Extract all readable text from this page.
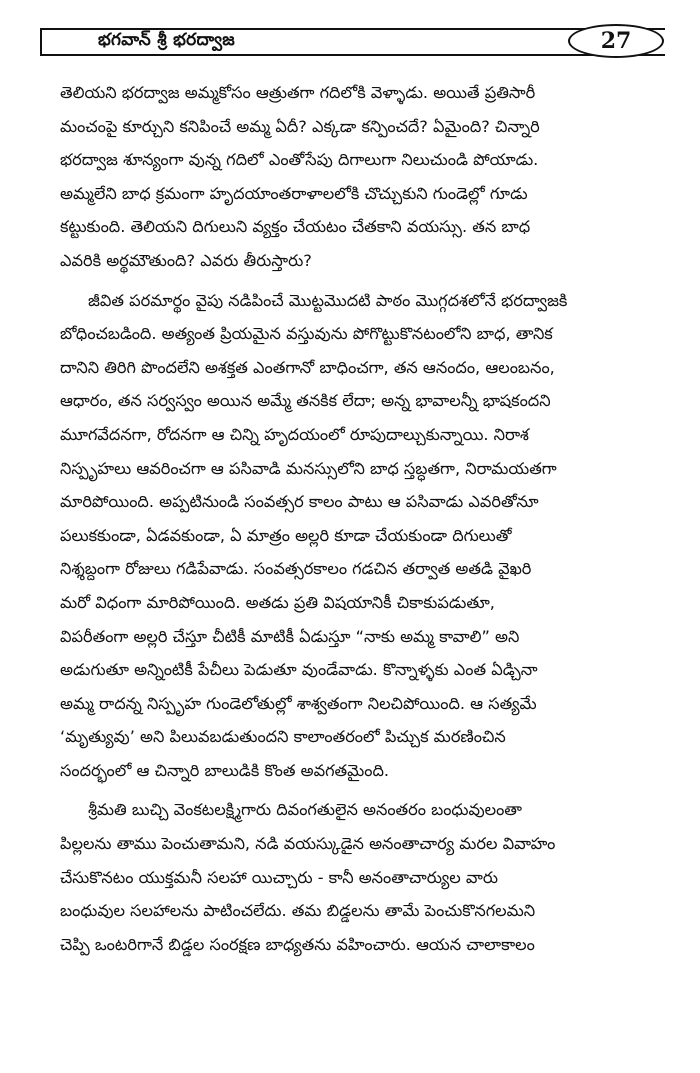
భగవాన్ శ్రీ భరద్వాజ	27

తెలియని భరద్వాజ అమ్మకోసం ఆత్రుతగా గదిలోకి వెళ్ళాడు. అయితే ప్రతిసారీ
మంచంపై కూర్చుని కనిపించే అమ్మ ఏదీ? ఎక్కడా కన్పించదే? ఏమైంది? చిన్నారి
భరద్వాజ శూన్యంగా వున్న గదిలో ఎంతోసేపు దిగాలుగా నిలుచుండి పోయాడు.
అమ్మలేని బాధ క్రమంగా హృదయాంతరాళాలలోకి చొచ్చుకుని గుండెల్లో గూడు
కట్టుకుంది. తెలియని దిగులుని వ్యక్తం చేయటం చేతకాని వయస్సు. తన బాధ
ఎవరికి అర్థమౌతుంది? ఎవరు తీరుస్తారు?

జీవిత పరమార్థం వైపు నడిపించే మొట్టమొదటి పాఠం మొగ్గదశలోనే భరద్వాజకి
బోధించబడింది. అత్యంత ప్రియమైన వస్తువును పోగొట్టుకొనటంలోని బాధ, తానిక
దానిని తిరిగి పొందలేని అశక్తత ఎంతగానో బాధించగా, తన ఆనందం, ఆలంబనం,
ఆధారం, తన సర్వస్వం అయిన అమ్మే తనకిక లేదా; అన్న భావాలన్నీ భాషకందని
మూగవేదనగా, రోదనగా ఆ చిన్ని హృదయంలో రూపుదాల్చుకున్నాయి. నిరాశ
నిస్పృహలు ఆవరించగా ఆ పసివాడి మనస్సులోని బాధ స్తబ్ధతగా, నిరామయతగా
మారిపోయింది. అప్పటినుండి సంవత్సర కాలం పాటు ఆ పసివాడు ఎవరితోనూ
పలుకకుండా, ఏడవకుండా, ఏ మాత్రం అల్లరి కూడా చేయకుండా దిగులుతో
నిశ్శబ్దంగా రోజులు గడిపేవాడు. సంవత్సరకాలం గడచిన తర్వాత అతడి వైఖరి
మరో విధంగా మారిపోయింది. అతడు ప్రతి విషయానికీ చికాకుపడుతూ,
విపరీతంగా అల్లరి చేస్తూ చీటికీ మాటికీ ఏడుస్తూ “నాకు అమ్మ కావాలి” అని
అడుగుతూ అన్నింటికీ పేచీలు పెడుతూ వుండేవాడు. కొన్నాళ్ళకు ఎంత ఏడ్చినా
అమ్మ రాదన్న నిస్పృహ గుండెలోతుల్లో శాశ్వతంగా నిలచిపోయింది. ఆ సత్యమే
‘మృత్యువు’ అని పిలువబడుతుందని కాలాంతరంలో పిచ్చుక మరణించిన
సందర్భంలో ఆ చిన్నారి బాలుడికి కొంత అవగతమైంది.

శ్రీమతి బుచ్చి వెంకటలక్ష్మిగారు దివంగతులైన అనంతరం బంధువులంతా
పిల్లలను తాము పెంచుతామని, నడి వయస్కుడైన అనంతాచార్య మరల వివాహం
చేసుకొనటం యుక్తమనీ సలహా యిచ్చారు - కానీ అనంతాచార్యుల వారు
బంధువుల సలహాలను పాటించలేదు. తమ బిడ్డలను తామే పెంచుకొనగలమని
చెప్పి ఒంటరిగానే బిడ్డల సంరక్షణ బాధ్యతను వహించారు. ఆయన చాలాకాలం
